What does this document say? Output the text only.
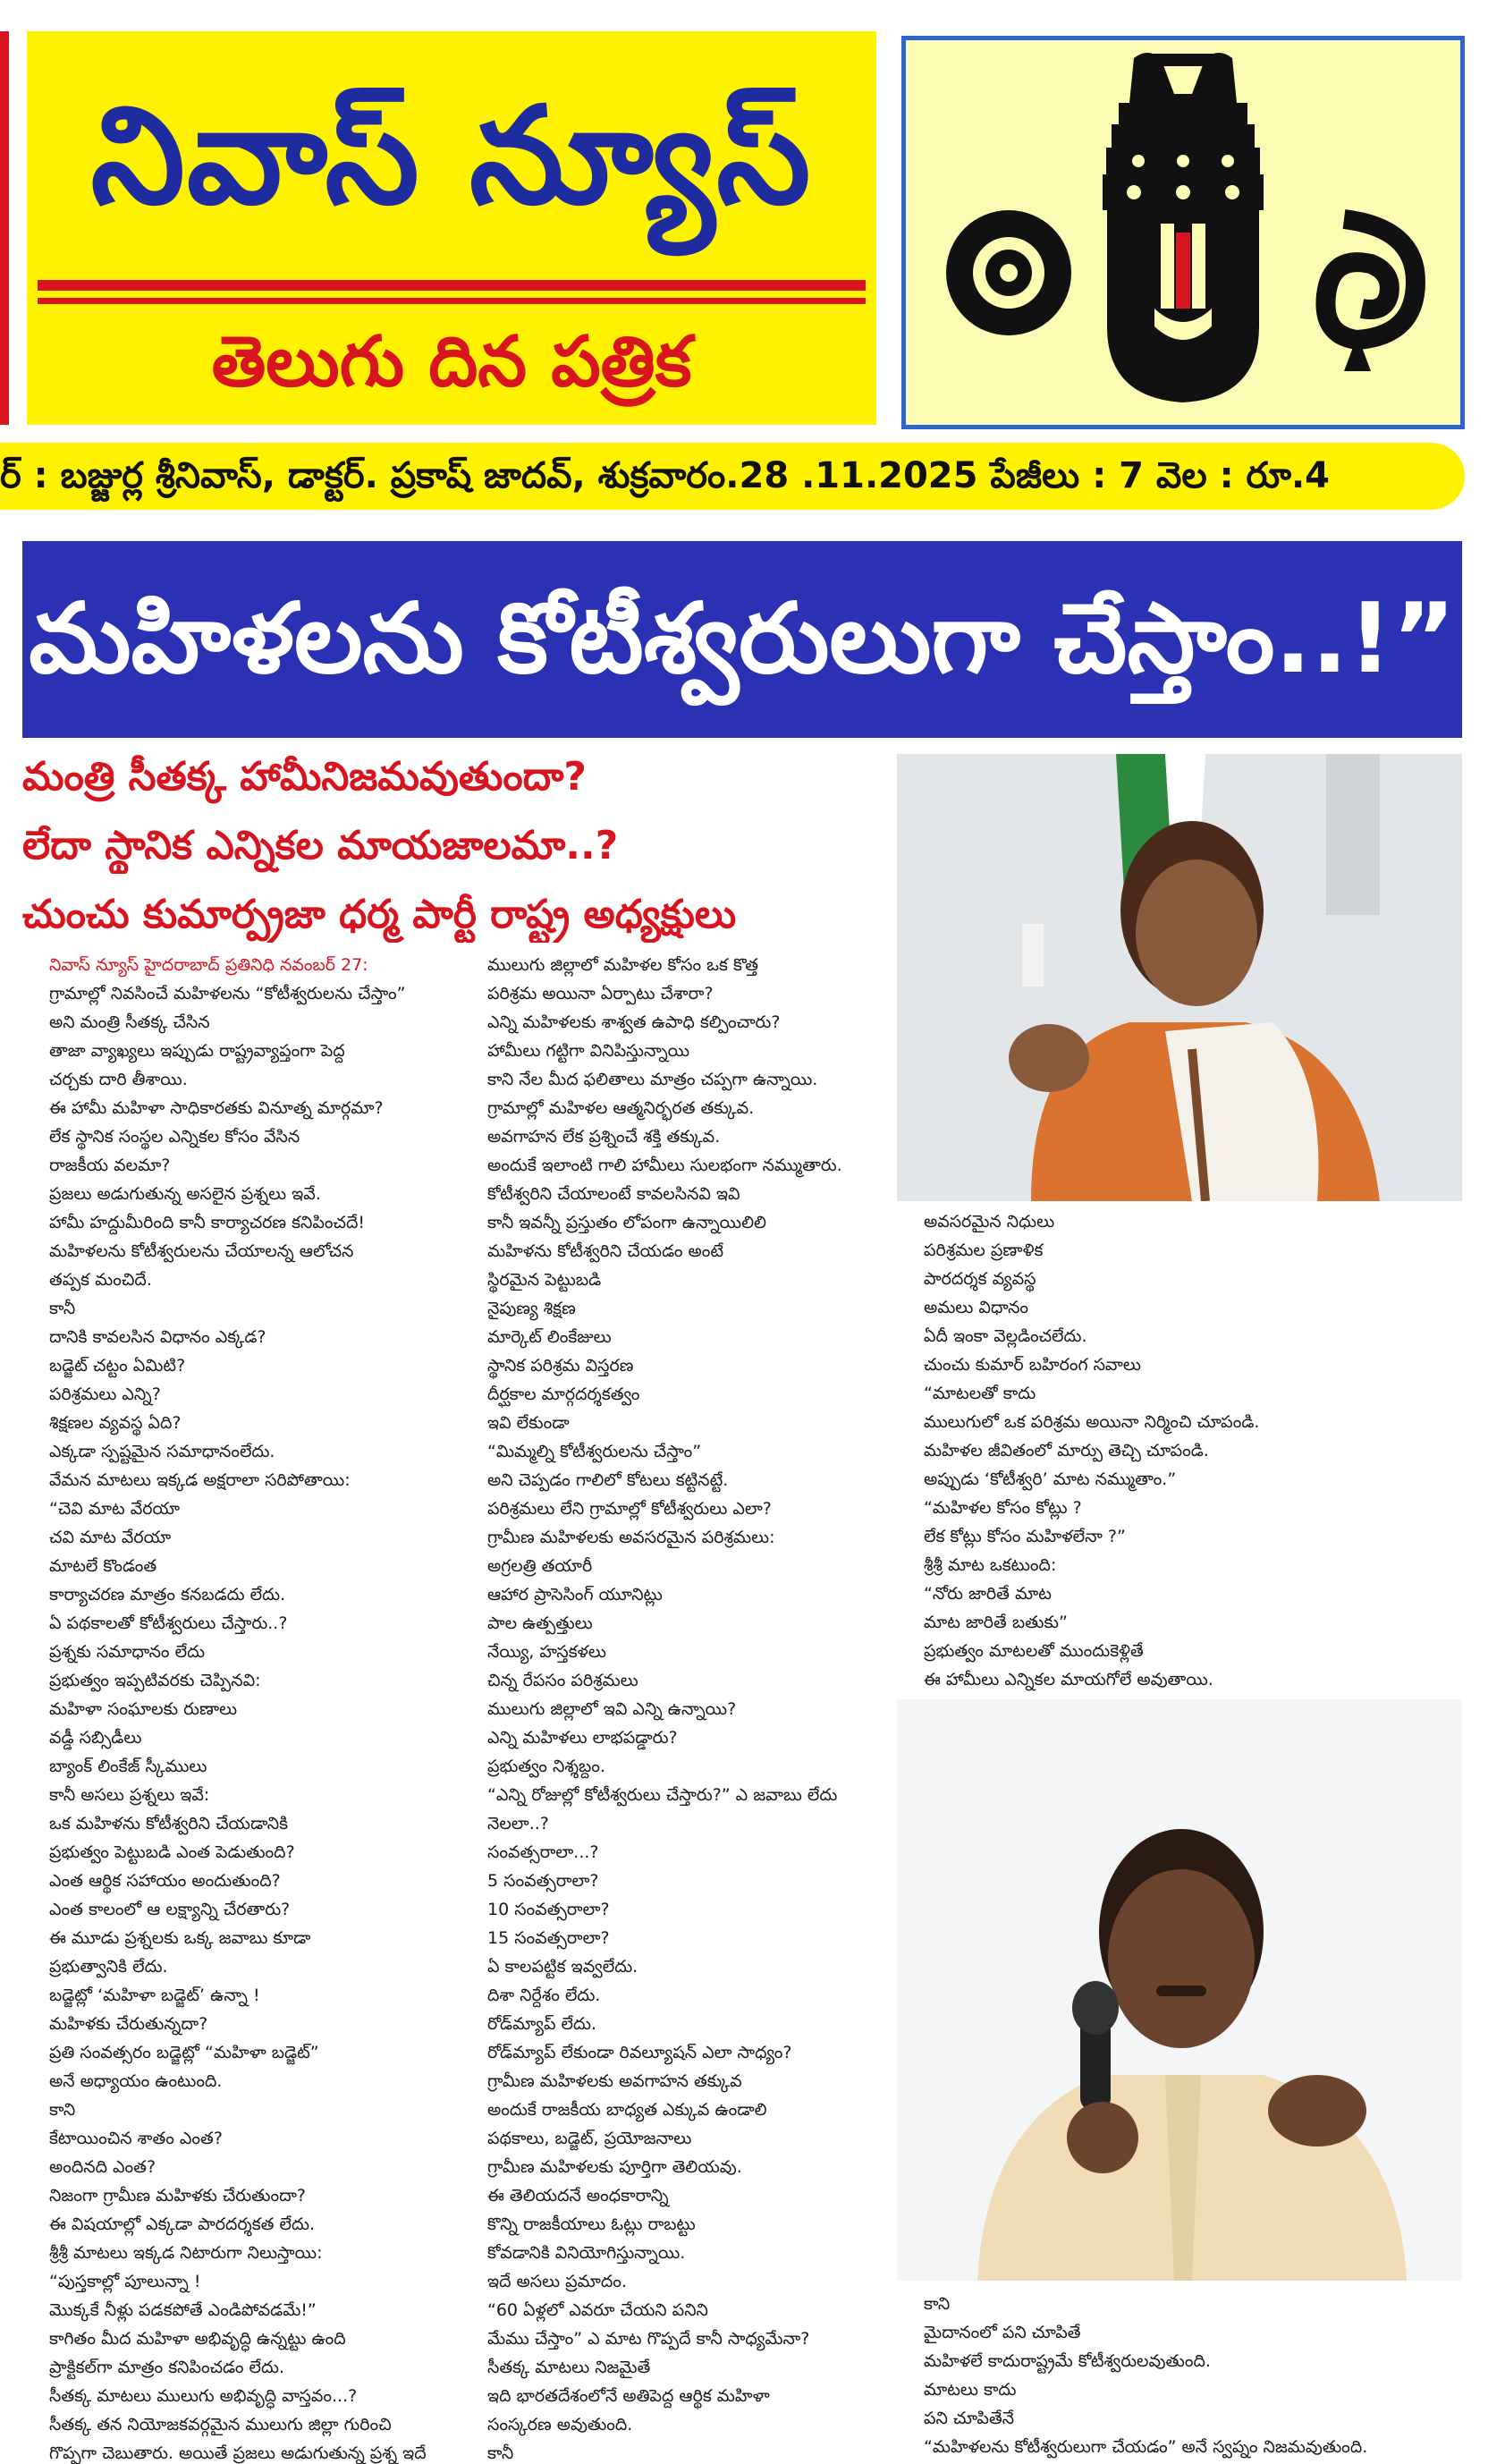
నివాస్ న్యూస్
తెలుగు దిన పత్రిక
ర్ : బజ్జుర్ల శ్రీనివాస్, డాక్టర్. ప్రకాష్ జాదవ్, శుక్రవారం.28 .11.2025 పేజీలు : 7 వెల : రూ.4
మహిళలను కోటీశ్వరులుగా చేస్తాం..!”
మంత్రి సీతక్క హామీనిజమవుతుందా?
లేదా స్థానిక ఎన్నికల మాయజాలమా..?
చుంచు కుమార్ప్రజా ధర్మ పార్టీ రాష్ట్ర అధ్యక్షులు
నివాస్ న్యూస్ హైదరాబాద్ ప్రతినిధి నవంబర్ 27:
గ్రామాల్లో నివసించే మహిళలను “కోటీశ్వరులను చేస్తాం”
అని మంత్రి సీతక్క చేసిన
తాజా వ్యాఖ్యలు ఇప్పుడు రాష్ట్రవ్యాప్తంగా పెద్ద
చర్చకు దారి తీశాయి.
ఈ హామీ మహిళా సాధికారతకు వినూత్న మార్గమా?
లేక స్థానిక సంస్థల ఎన్నికల కోసం వేసిన
రాజకీయ వలమా?
ప్రజలు అడుగుతున్న అసలైన ప్రశ్నలు ఇవే.
హామీ హద్దుమీరింది కానీ కార్యాచరణ కనిపించదే!
మహిళలను కోటీశ్వరులను చేయాలన్న ఆలోచన
తప్పక మంచిదే.
కానీ
దానికి కావలసిన విధానం ఎక్కడ?
బడ్జెట్ చట్టం ఏమిటి?
పరిశ్రమలు ఎన్ని?
శిక్షణల వ్యవస్థ ఏది?
ఎక్కడా స్పష్టమైన సమాధానంలేదు.
వేమన మాటలు ఇక్కడ అక్షరాలా సరిపోతాయి:
“చెవి మాట వేరయా
చవి మాట వేరయా
మాటలే కొండంత
కార్యాచరణ మాత్రం కనబడదు లేదు.
ఏ పథకాలతో కోటీశ్వరులు చేస్తారు..?
ప్రశ్నకు సమాధానం లేదు
ప్రభుత్వం ఇప్పటివరకు చెప్పినవి:
మహిళా సంఘాలకు రుణాలు
వడ్డీ సబ్సిడీలు
బ్యాంక్ లింకేజ్ స్కీములు
కానీ అసలు ప్రశ్నలు ఇవే:
ఒక మహిళను కోటీశ్వరిని చేయడానికి
ప్రభుత్వం పెట్టుబడి ఎంత పెడుతుంది?
ఎంత ఆర్థిక సహాయం అందుతుంది?
ఎంత కాలంలో ఆ లక్ష్యాన్ని చేరతారు?
ఈ మూడు ప్రశ్నలకు ఒక్క జవాబు కూడా
ప్రభుత్వానికి లేదు.
బడ్జెట్లో ‘మహిళా బడ్జెట్’ ఉన్నా !
మహిళకు చేరుతున్నదా?
ప్రతి సంవత్సరం బడ్జెట్లో “మహిళా బడ్జెట్”
అనే అధ్యాయం ఉంటుంది.
కాని
కేటాయించిన శాతం ఎంత?
అందినది ఎంత?
నిజంగా గ్రామీణ మహిళకు చేరుతుందా?
ఈ విషయాల్లో ఎక్కడా పారదర్శకత లేదు.
శ్రీశ్రీ మాటలు ఇక్కడ నిటారుగా నిలుస్తాయి:
“పుస్తకాల్లో పూలున్నా !
మొక్కకే నీళ్లు పడకపోతే ఎండిపోవడమే!”
కాగితం మీద మహిళా అభివృద్ధి ఉన్నట్టు ఉంది
ప్రాక్టికల్‌గా మాత్రం కనిపించడం లేదు.
సీతక్క మాటలు ములుగు అభివృద్ధి వాస్తవం...?
సీతక్క తన నియోజకవర్గమైన ములుగు జిల్లా గురించి
గొప్పగా చెబుతారు. అయితే ప్రజలు అడుగుతున్న ప్రశ్న ఇదే
ములుగు జిల్లాలో మహిళల కోసం ఒక కొత్త
పరిశ్రమ అయినా ఏర్పాటు చేశారా?
ఎన్ని మహిళలకు శాశ్వత ఉపాధి కల్పించారు?
హామీలు గట్టిగా వినిపిస్తున్నాయి
కాని నేల మీద ఫలితాలు మాత్రం చప్పగా ఉన్నాయి.
గ్రామాల్లో మహిళల ఆత్మనిర్భరత తక్కువ.
అవగాహన లేక ప్రశ్నించే శక్తి తక్కువ.
అందుకే ఇలాంటి గాలి హామీలు సులభంగా నమ్ముతారు.
కోటీశ్వరిని చేయాలంటే కావలసినవి ఇవి
కానీ ఇవన్నీ ప్రస్తుతం లోపంగా ఉన్నాయిలిలి
మహిళను కోటీశ్వరిని చేయడం అంటే
స్థిరమైన పెట్టుబడి
నైపుణ్య శిక్షణ
మార్కెట్ లింకేజులు
స్థానిక పరిశ్రమ విస్తరణ
దీర్ఘకాల మార్గదర్శకత్వం
ఇవి లేకుండా
“మిమ్మల్ని కోటీశ్వరులను చేస్తాం”
అని చెప్పడం గాలిలో కోటలు కట్టినట్టే.
పరిశ్రమలు లేని గ్రామాల్లో కోటీశ్వరులు ఎలా?
గ్రామీణ మహిళలకు అవసరమైన పరిశ్రమలు:
అగ్రలత్రి తయారీ
ఆహార ప్రాసెసింగ్ యూనిట్లు
పాల ఉత్పత్తులు
నేయ్యి, హస్తకళలు
చిన్న రేపసం పరిశ్రమలు
ములుగు జిల్లాలో ఇవి ఎన్ని ఉన్నాయి?
ఎన్ని మహిళలు లాభపడ్డారు?
ప్రభుత్వం నిశ్శబ్దం.
“ఎన్ని రోజుల్లో కోటీశ్వరులు చేస్తారు?” ఎ జవాబు లేదు
నెలలా..?
సంవత్సరాలా...?
5 సంవత్సరాలా?
10 సంవత్సరాలా?
15 సంవత్సరాలా?
ఏ కాలపట్టిక ఇవ్వలేదు.
దిశా నిర్దేశం లేదు.
రోడ్‌మ్యాప్ లేదు.
రోడ్‌మ్యాప్ లేకుండా రివల్యూషన్ ఎలా సాధ్యం?
గ్రామీణ మహిళలకు అవగాహన తక్కువ
అందుకే రాజకీయ బాధ్యత ఎక్కువ ఉండాలి
పథకాలు, బడ్జెట్, ప్రయోజనాలు
గ్రామీణ మహిళలకు పూర్తిగా తెలియవు.
ఈ తెలియదనే అంధకారాన్ని
కొన్ని రాజకీయాలు ఓట్లు రాబట్టు
కోవడానికి వినియోగిస్తున్నాయి.
ఇదే అసలు ప్రమాదం.
“60 ఏళ్లలో ఎవరూ చేయని పనిని
మేము చేస్తాం” ఎ మాట గొప్పదే కానీ సాధ్యమేనా?
సీతక్క మాటలు నిజమైతే
ఇది భారతదేశంలోనే అతిపెద్ద ఆర్థిక మహిళా
సంస్కరణ అవుతుంది.
కానీ
అవసరమైన నిధులు
పరిశ్రమల ప్రణాళిక
పారదర్శక వ్యవస్థ
అమలు విధానం
ఏదీ ఇంకా వెల్లడించలేదు.
చుంచు కుమార్ బహిరంగ సవాలు
“మాటలతో కాదు
ములుగులో ఒక పరిశ్రమ అయినా నిర్మించి చూపండి.
మహిళల జీవితంలో మార్పు తెచ్చి చూపండి.
అప్పుడు ‘కోటీశ్వరి’ మాట నమ్ముతాం.”
“మహిళల కోసం కోట్లు ?
లేక కోట్లు కోసం మహిళలేనా ?”
శ్రీశ్రీ మాట ఒకటుంది:
“నోరు జారితే మాట
మాట జారితే బతుకు”
ప్రభుత్వం మాటలతో ముందుకెళ్లితే
ఈ హామీలు ఎన్నికల మాయగోలే అవుతాయి.
కాని
మైదానంలో పని చూపితే
మహిళలే కాదురాష్ట్రమే కోటీశ్వరులవుతుంది.
మాటలు కాదు
పని చూపితేనే
“మహిళలను కోటీశ్వరులుగా చేయడం” అనే స్వప్నం నిజమవుతుంది.
